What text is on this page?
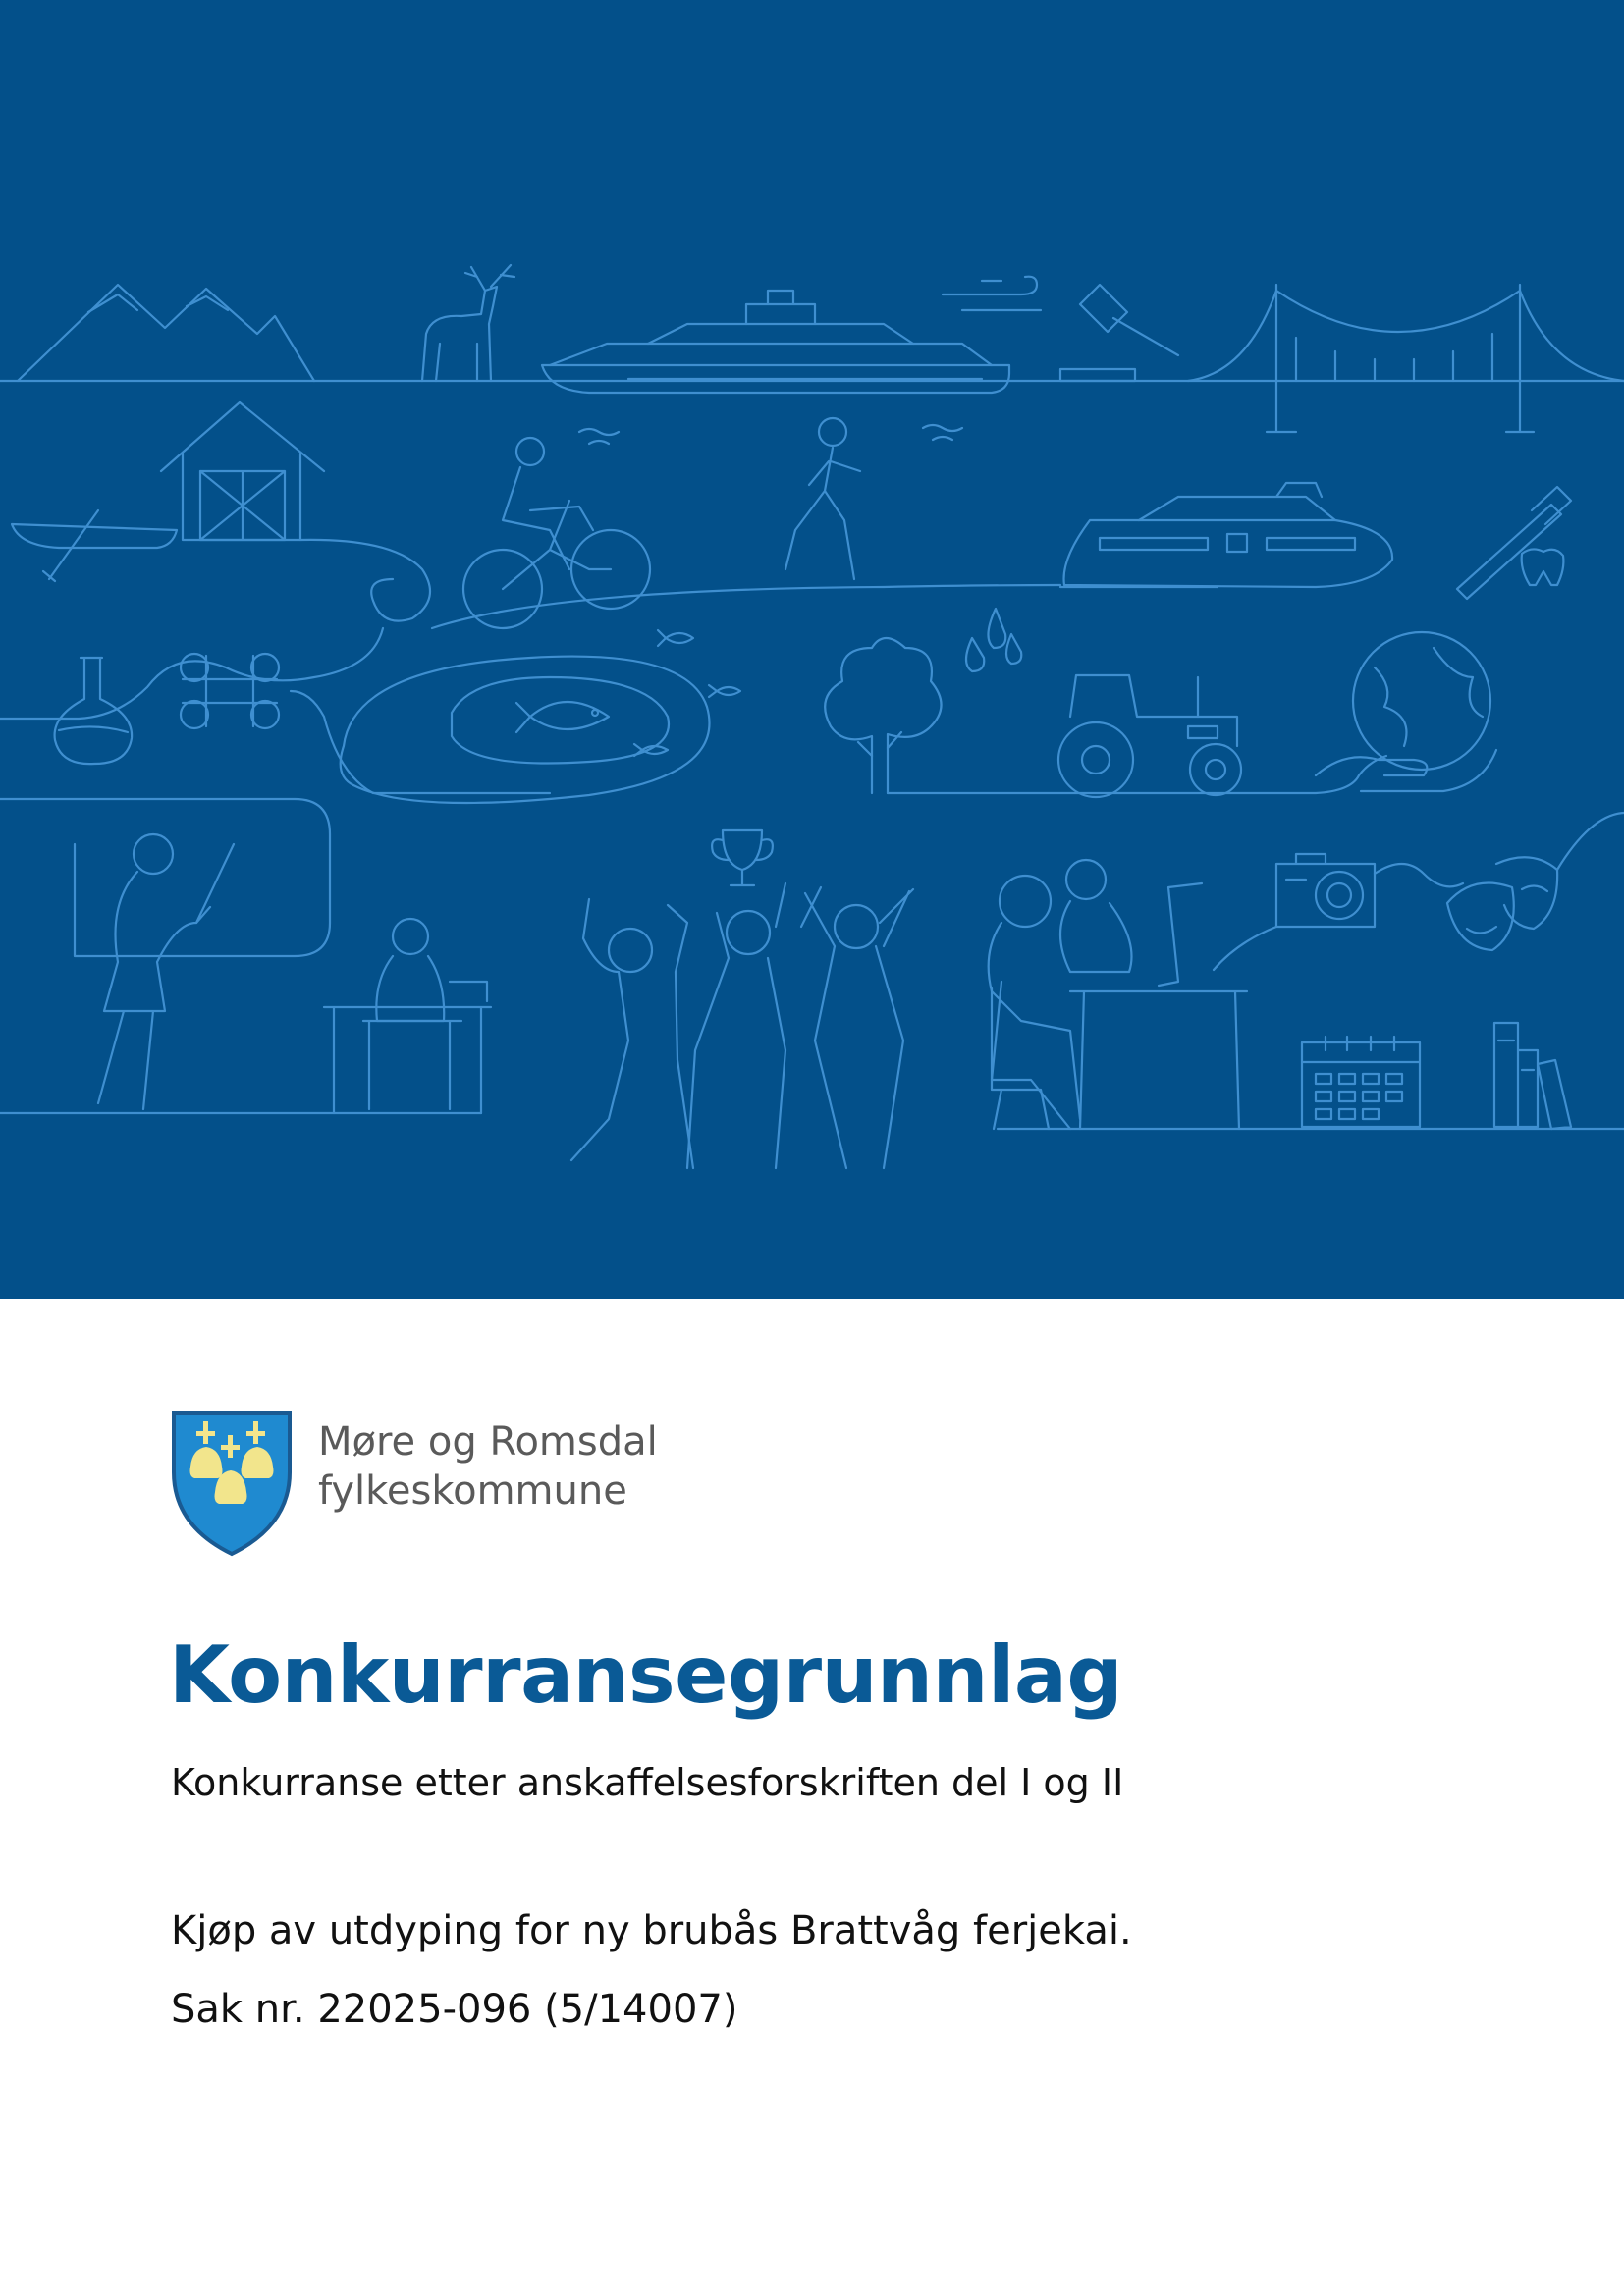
Møre og Romsdal
fylkeskommune
Konkurransegrunnlag
Konkurranse etter anskaffelsesforskriften del I og II
Kjøp av utdyping for ny brubås Brattvåg ferjekai.
Sak nr. 22025-096 (5/14007)
